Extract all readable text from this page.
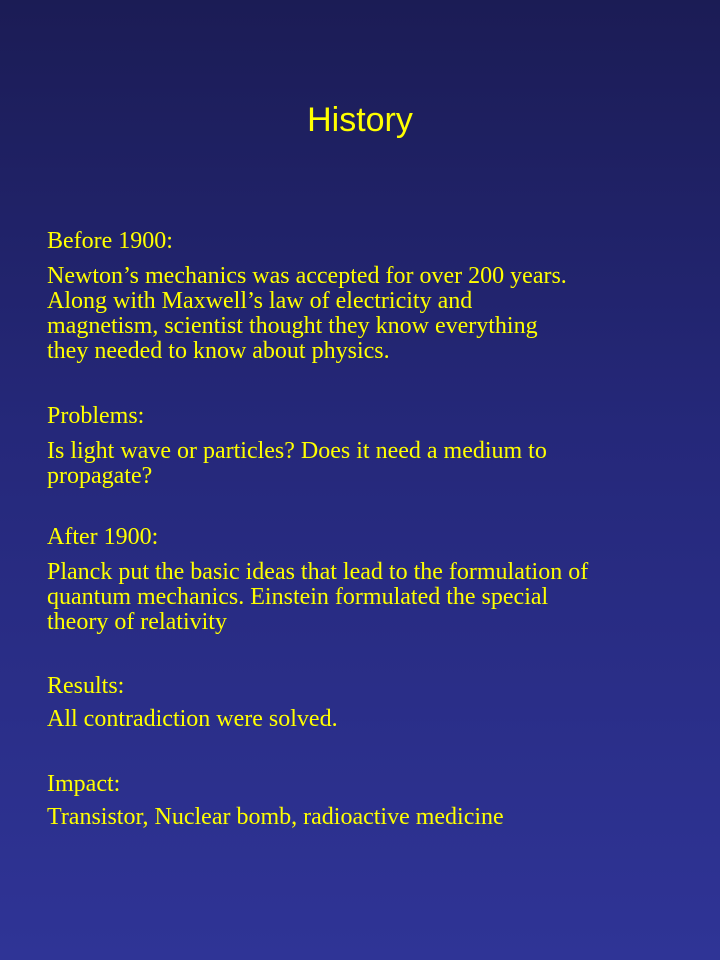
History
Before 1900:
Newton’s mechanics was accepted for over 200 years.
Along with Maxwell’s law of electricity and
magnetism, scientist thought they know everything
they needed to know about physics.
Problems:
Is light wave or particles? Does it need a medium to
propagate?
After 1900:
Planck put the basic ideas that lead to the formulation of
quantum mechanics. Einstein formulated the special
theory of relativity
Results:
All contradiction were solved.
Impact:
Transistor, Nuclear bomb, radioactive medicine
